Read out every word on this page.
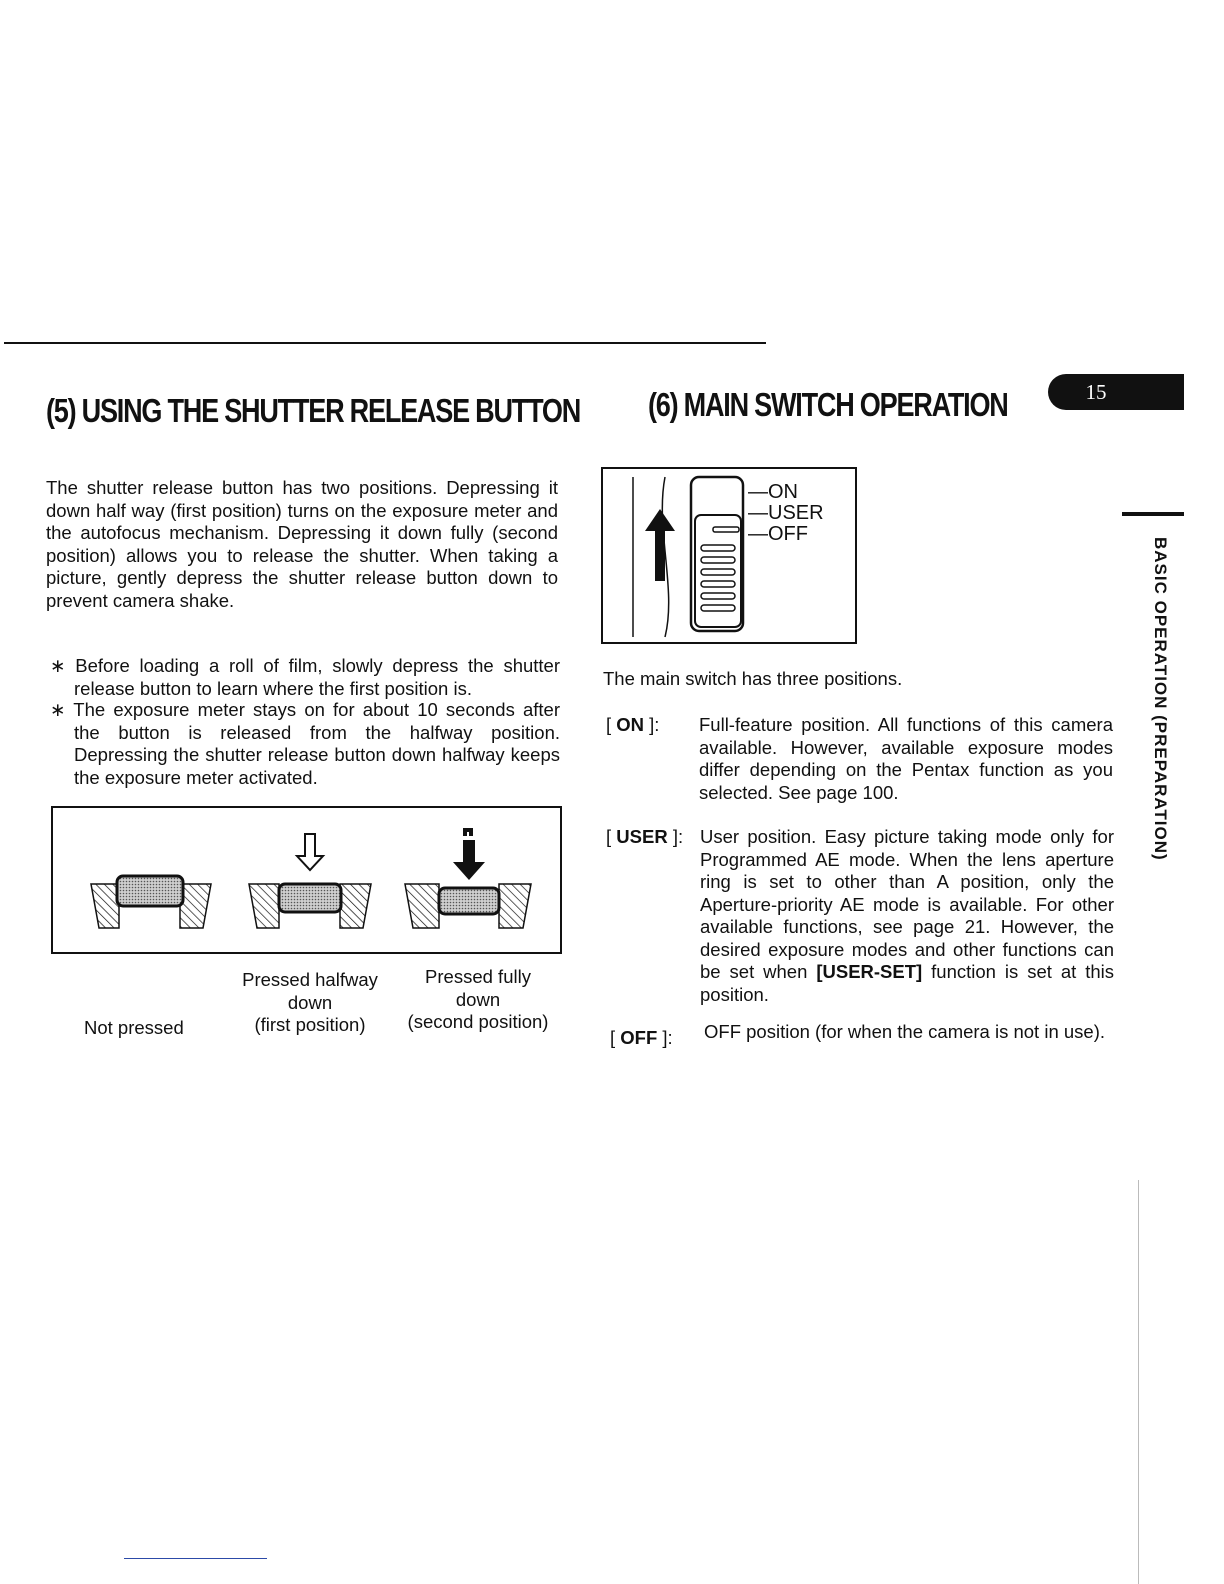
15
BASIC OPERATION (PREPARATION)
(5) USING THE SHUTTER RELEASE BUTTON
The shutter release button has two positions. Depressing it down half way (first position) turns on the exposure meter and the autofocus mechanism. Depressing it down fully (second position) allows you to release the shutter. When taking a picture, gently depress the shutter release button down to prevent camera shake.
∗ Before loading a roll of film, slowly depress the shutter release button to learn where the first position is.
∗ The exposure meter stays on for about 10 seconds after the button is released from the halfway position. Depressing the shutter release button down halfway keeps the exposure meter activated.
Not pressed
Pressed halfway
down
(first position)
Pressed fully
down
(second position)
(6) MAIN SWITCH OPERATION
—ON
—USER
—OFF
The main switch has three positions.
[ ON ]: Full-feature position. All functions of this camera available. However, available exposure modes differ depending on the Pentax function as you selected. See page 100.
[ USER ]: User position. Easy picture taking mode only for Programmed AE mode. When the lens aperture ring is set to other than A position, only the Aperture-priority AE mode is available. For other available functions, see page 21. However, the desired exposure modes and other functions can be set when [USER-SET] function is set at this position.
[ OFF ]: OFF position (for when the camera is not in use).
